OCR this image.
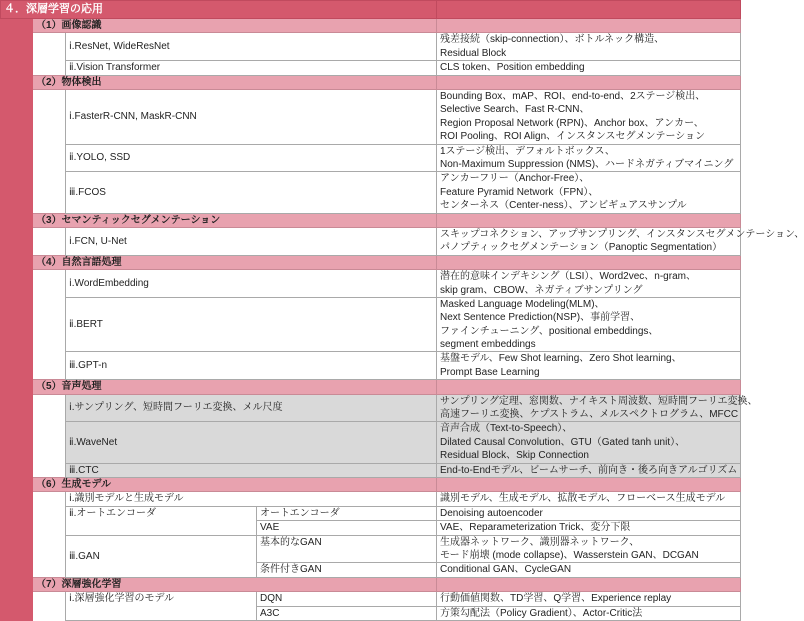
４．深層学習の応用				
	（1）画像認識			
		ⅰ.ResNet, WideResNet		残差接続（skip-connection）、ボトルネック構造、
Residual Block

		ⅱ.Vision Transformer		CLS token、Position embedding

	（2）物体検出			
		ⅰ.FasterR-CNN, MaskR-CNN		Bounding Box、mAP、ROI、end-to-end、2ステージ検出、
Selective Search、Fast R-CNN、
Region Proposal Network (RPN)、Anchor box、アンカー、
ROI Pooling、ROI Align、インスタンスセグメンテーション

		ⅱ.YOLO, SSD		1ステージ検出、デフォルトボックス、
Non-Maximum Suppression (NMS)、ハードネガティブマイニング

		ⅲ.FCOS		アンカーフリー（Anchor-Free）、
Feature Pyramid Network（FPN）、
センターネス（Center-ness）、アンビギュアスサンプル

	（3）セマンティックセグメンテーション			
		ⅰ.FCN, U-Net		スキップコネクション、アップサンプリング、インスタンスセグメンテーション、
パノプティックセグメンテーション（Panoptic Segmentation）

	（4）自然言語処理			
		ⅰ.WordEmbedding		潜在的意味インデキシング（LSI）、Word2vec、n-gram、
skip gram、CBOW、ネガティブサンプリング

		ⅱ.BERT		Masked Language Modeling(MLM)、
Next Sentence Prediction(NSP)、事前学習、
ファインチューニング、positional embeddings、
segment embeddings

		ⅲ.GPT-n		基盤モデル、Few Shot learning、Zero Shot learning、
Prompt Base Learning

	（5）音声処理			
		ⅰ.サンプリング、短時間フーリエ変換、メル尺度		サンプリング定理、窓関数、ナイキスト周波数、短時間フーリエ変換、
高速フーリエ変換、ケプストラム、メルスペクトログラム、MFCC

		ⅱ.WaveNet		音声合成（Text-to-Speech）、
Dilated Causal Convolution、GTU（Gated tanh unit）、
Residual Block、Skip Connection

		ⅲ.CTC		End-to-Endモデル、ビームサーチ、前向き・後ろ向きアルゴリズム

	（6）生成モデル			
		ⅰ.識別モデルと生成モデル		識別モデル、生成モデル、拡散モデル、フローベース生成モデル

		ⅱ.オートエンコーダ	オートエンコーダ	Denoising autoencoder

			VAE	VAE、Reparameterization Trick、変分下限

		ⅲ.GAN	基本的なGAN	生成器ネットワーク、識別器ネットワーク、
モード崩壊 (mode collapse)、Wasserstein GAN、DCGAN

			条件付きGAN	Conditional GAN、CycleGAN

	（7）深層強化学習			
		ⅰ.深層強化学習のモデル	DQN	行動価値関数、TD学習、Q学習、Experience replay

			A3C	方策勾配法（Policy Gradient）、Actor-Critic法
